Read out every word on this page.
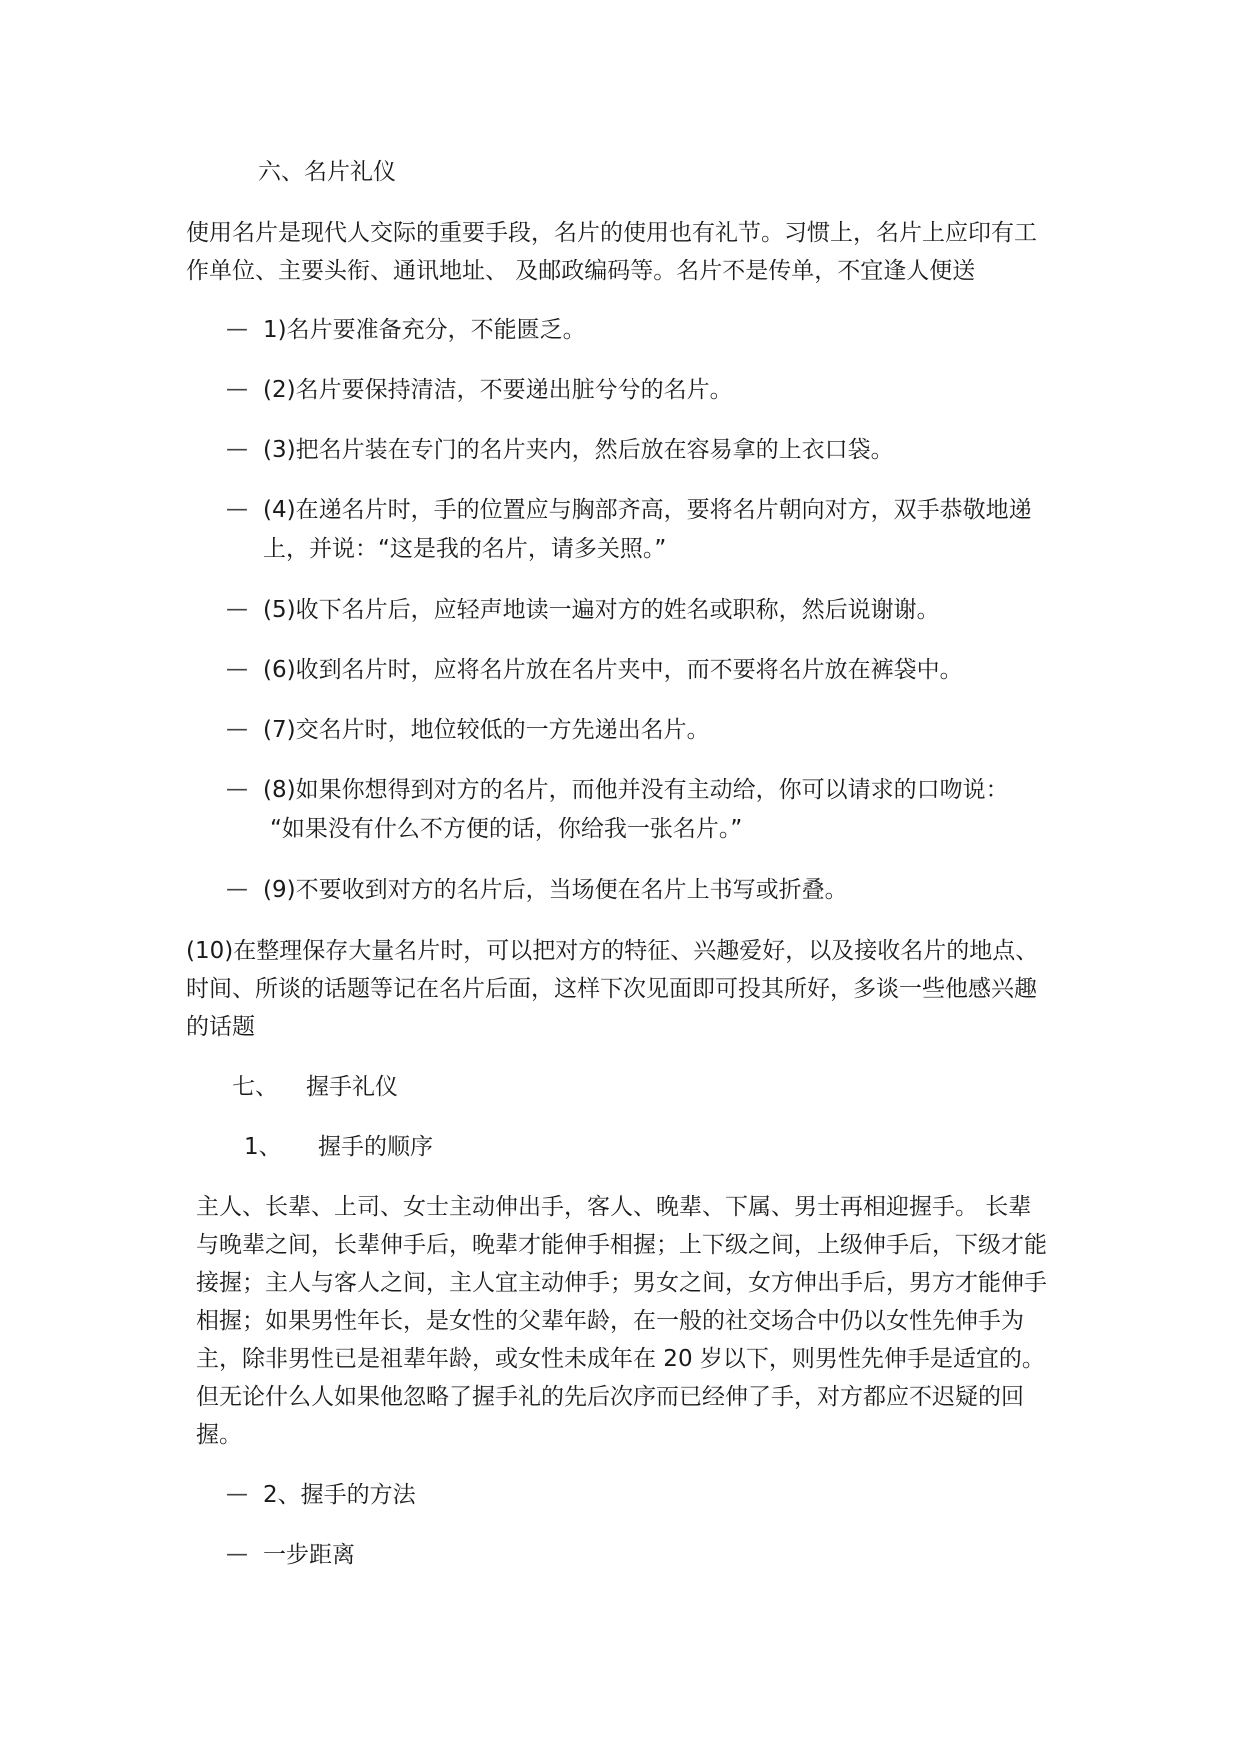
六、名片礼仪
使用名片是现代人交际的重要手段，名片的使用也有礼节。习惯上，名片上应印有工
作单位、主要头衔、通讯地址、 及邮政编码等。名片不是传单，不宜逢人便送
— 1)名片要准备充分，不能匮乏。
— (2)名片要保持清洁，不要递出脏兮兮的名片。
— (3)把名片装在专门的名片夹内，然后放在容易拿的上衣口袋。
— (4)在递名片时，手的位置应与胸部齐高，要将名片朝向对方，双手恭敬地递
上，并说：“这是我的名片，请多关照。”
— (5)收下名片后，应轻声地读一遍对方的姓名或职称，然后说谢谢。
— (6)收到名片时，应将名片放在名片夹中，而不要将名片放在裤袋中。
— (7)交名片时，地位较低的一方先递出名片。
— (8)如果你想得到对方的名片，而他并没有主动给，你可以请求的口吻说：
“如果没有什么不方便的话，你给我一张名片。”
— (9)不要收到对方的名片后，当场便在名片上书写或折叠。
(10)在整理保存大量名片时，可以把对方的特征、兴趣爱好，以及接收名片的地点、
时间、所谈的话题等记在名片后面，这样下次见面即可投其所好，多谈一些他感兴趣
的话题
七、 握手礼仪
1、 握手的顺序
主人、长辈、上司、女士主动伸出手，客人、晚辈、下属、男士再相迎握手。 长辈
与晚辈之间，长辈伸手后，晚辈才能伸手相握；上下级之间，上级伸手后，下级才能
接握；主人与客人之间，主人宜主动伸手；男女之间，女方伸出手后，男方才能伸手
相握；如果男性年长，是女性的父辈年龄，在一般的社交场合中仍以女性先伸手为
主，除非男性已是祖辈年龄，或女性未成年在 20 岁以下，则男性先伸手是适宜的。
但无论什么人如果他忽略了握手礼的先后次序而已经伸了手，对方都应不迟疑的回
握。
— 2、握手的方法
— 一步距离
